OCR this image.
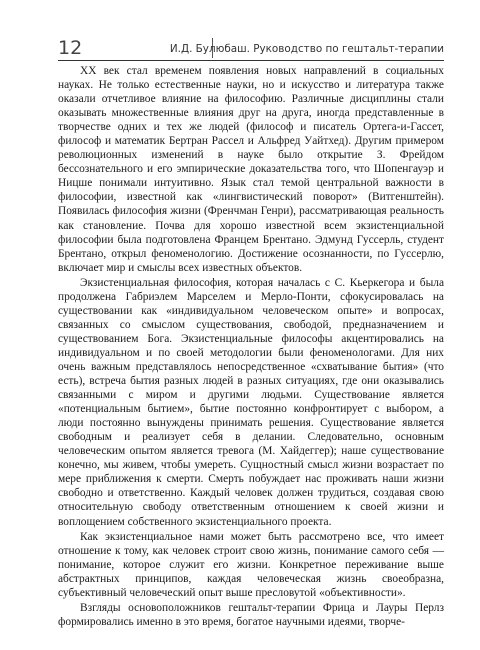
12	И.Д. Булюбаш. Руководство по гештальт-терапии

XX век стал временем появления новых направлений в социальных науках. Не только естественные науки, но и искусство и литература также оказали отчетливое влияние на философию. Различные дисциплины стали оказывать множественные влияния друг на друга, иногда представленные в творчестве одних и тех же людей (философ и писатель Ортега-и-Гассет, философ и математик Бертран Рассел и Альфред Уайтхед). Другим примером революционных изменений в науке было открытие З. Фрейдом бессознательного и его эмпирические доказательства того, что Шопенгауэр и Ницше понимали интуитивно. Язык стал темой центральной важности в философии, известной как «лингвистический поворот» (Витгенштейн). Появилась философия жизни (Френчман Генри), рассматривающая реальность как становление. Почва для хорошо известной всем экзистенциальной философии была подготовлена Францем Брентано. Эдмунд Гуссерль, студент Брентано, открыл феноменологию. Достижение осознанности, по Гуссерлю, включает мир и смыслы всех известных объектов.

Экзистенциальная философия, которая началась с С. Кьеркегора и была продолжена Габриэлем Марселем и Мерло-Понти, сфокусировалась на существовании как «индивидуальном человеческом опыте» и вопросах, связанных со смыслом существования, свободой, предназначением и существованием Бога. Экзистенциальные философы акцентировались на индивидуальном и по своей методологии были феноменологами. Для них очень важным представлялось непосредственное «схватывание бытия» (что есть), встреча бытия разных людей в разных ситуациях, где они оказывались связанными с миром и другими людьми. Существование является «потенциальным бытием», бытие постоянно конфронтирует с выбором, а люди постоянно вынуждены принимать решения. Существование является свободным и реализует себя в делании. Следовательно, основным человеческим опытом является тревога (М. Хайдеггер); наше существование конечно, мы живем, чтобы умереть. Сущностный смысл жизни возрастает по мере приближения к смерти. Смерть побуждает нас проживать наши жизни свободно и ответственно. Каждый человек должен трудиться, создавая свою относительную свободу ответственным отношением к своей жизни и воплощением собственного экзистенциального проекта.

Как экзистенциальное нами может быть рассмотрено все, что имеет отношение к тому, как человек строит свою жизнь, понимание самого себя — понимание, которое служит его жизни. Конкретное переживание выше абстрактных принципов, каждая человеческая жизнь своеобразна, субъективный человеческий опыт выше пресловутой «объективности».

Взгляды основоположников гештальт-терапии Фрица и Лауры Перлз формировались именно в это время, богатое научными идеями, творче-
